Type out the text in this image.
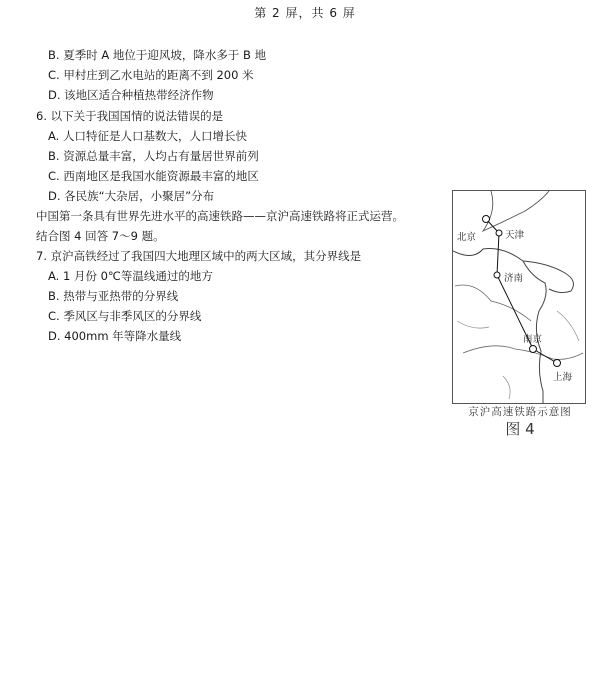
第 2 屏，共 6 屏
B. 夏季时 A 地位于迎风坡，降水多于 B 地
C. 甲村庄到乙水电站的距离不到 200 米
D. 该地区适合种植热带经济作物
6. 以下关于我国国情的说法错误的是
A. 人口特征是人口基数大，人口增长快
B. 资源总量丰富，人均占有量居世界前列
C. 西南地区是我国水能资源最丰富的地区
D. 各民族“大杂居，小聚居”分布
中国第一条具有世界先进水平的高速铁路——京沪高速铁路将正式运营。
结合图 4 回答 7～9 题。
7. 京沪高铁经过了我国四大地理区域中的两大区域，其分界线是
A. 1 月份 0℃等温线通过的地方
B. 热带与亚热带的分界线
C. 季风区与非季风区的分界线
D. 400mm 年等降水量线
北京	天津
济南
南京
上海
京沪高速铁路示意图
图 4
